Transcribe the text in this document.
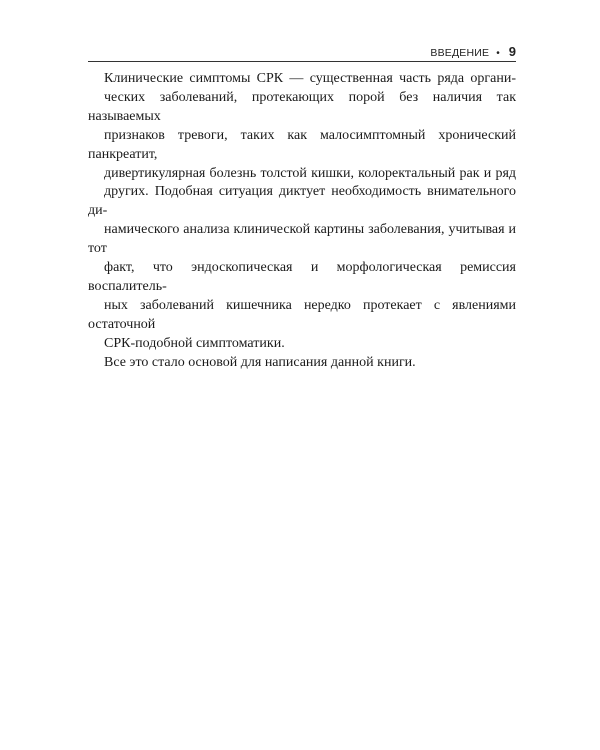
ВВЕДЕНИЕ • 9

Клинические симптомы СРК — существенная часть ряда органи-
ческих заболеваний, протекающих порой без наличия так называемых
признаков тревоги, таких как малосимптомный хронический панкреатит,
дивертикулярная болезнь толстой кишки, колоректальный рак и ряд
других. Подобная ситуация диктует необходимость внимательного ди-
намического анализа клинической картины заболевания, учитывая и тот
факт, что эндоскопическая и морфологическая ремиссия воспалитель-
ных заболеваний кишечника нередко протекает с явлениями остаточной
СРК-подобной симптоматики.

Все это стало основой для написания данной книги.
